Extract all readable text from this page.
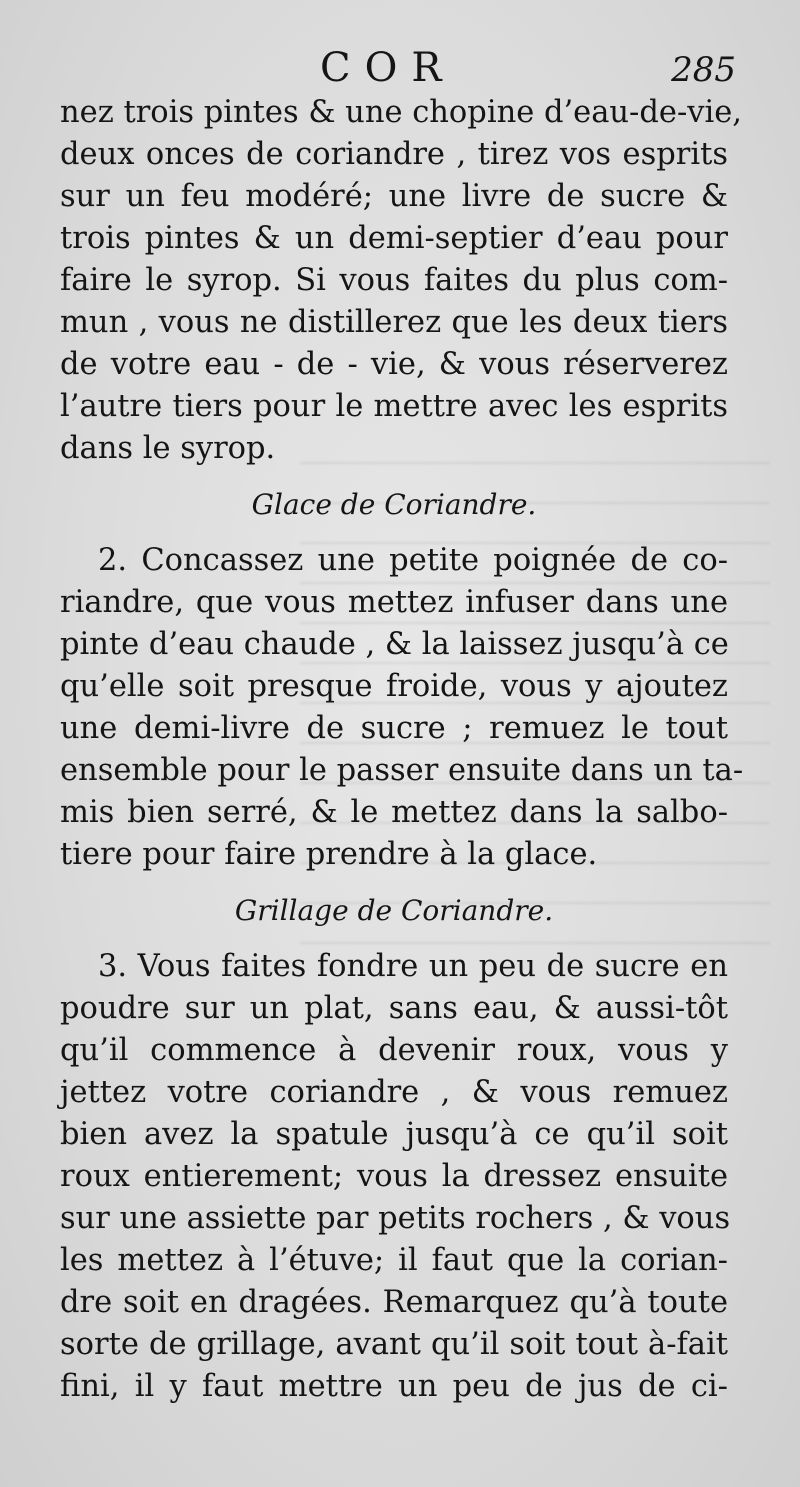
COR	285
nez trois pintes & une chopine d’eau-de-vie,
deux onces de coriandre , tirez vos esprits
sur un feu modéré; une livre de sucre &
trois pintes & un demi-septier d’eau pour
faire le syrop. Si vous faites du plus com-
mun , vous ne distillerez que les deux tiers
de votre eau - de - vie, & vous réserverez
l’autre tiers pour le mettre avec les esprits
dans le syrop.
Glace de Coriandre.
2. Concassez une petite poignée de co-
riandre, que vous mettez infuser dans une
pinte d’eau chaude , & la laissez jusqu’à ce
qu’elle soit presque froide, vous y ajoutez
une demi-livre de sucre ; remuez le tout
ensemble pour le passer ensuite dans un ta-
mis bien serré, & le mettez dans la salbo-
tiere pour faire prendre à la glace.
Grillage de Coriandre.
3. Vous faites fondre un peu de sucre en
poudre sur un plat, sans eau, & aussi-tôt
qu’il commence à devenir roux, vous y
jettez votre coriandre , & vous remuez
bien avez la spatule jusqu’à ce qu’il soit
roux entierement; vous la dressez ensuite
sur une assiette par petits rochers , & vous
les mettez à l’étuve; il faut que la corian-
dre soit en dragées. Remarquez qu’à toute
sorte de grillage, avant qu’il soit tout à-fait
fini, il y faut mettre un peu de jus de ci-
